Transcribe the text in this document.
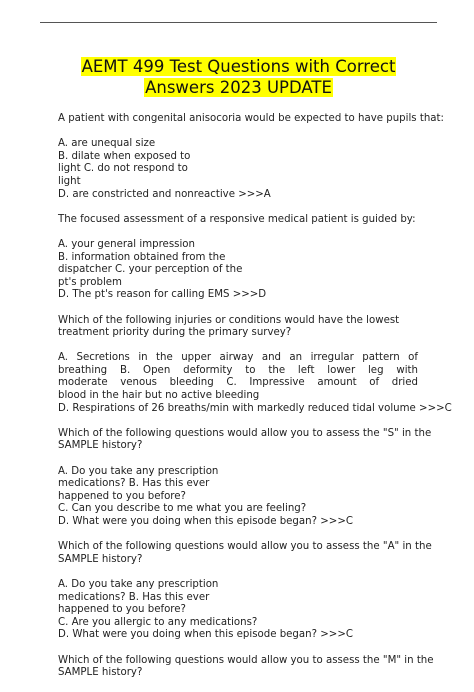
AEMT 499 Test Questions with Correct
Answers 2023 UPDATE
A patient with congenital anisocoria would be expected to have pupils that:
A. are unequal size
B. dilate when exposed to
light C. do not respond to
light
D. are constricted and nonreactive >>>A
The focused assessment of a responsive medical patient is guided by:
A. your general impression
B. information obtained from the
dispatcher C. your perception of the
pt's problem
D. The pt's reason for calling EMS >>>D
Which of the following injuries or conditions would have the lowest
treatment priority during the primary survey?
A. Secretions in the upper airway and an irregular pattern of
breathing B. Open deformity to the left lower leg with
moderate venous bleeding C. Impressive amount of dried
blood in the hair but no active bleeding
D. Respirations of 26 breaths/min with markedly reduced tidal volume >>>C
Which of the following questions would allow you to assess the "S" in the
SAMPLE history?
A. Do you take any prescription
medications? B. Has this ever
happened to you before?
C. Can you describe to me what you are feeling?
D. What were you doing when this episode began? >>>C
Which of the following questions would allow you to assess the "A" in the
SAMPLE history?
A. Do you take any prescription
medications? B. Has this ever
happened to you before?
C. Are you allergic to any medications?
D. What were you doing when this episode began? >>>C
Which of the following questions would allow you to assess the "M" in the
SAMPLE history?
